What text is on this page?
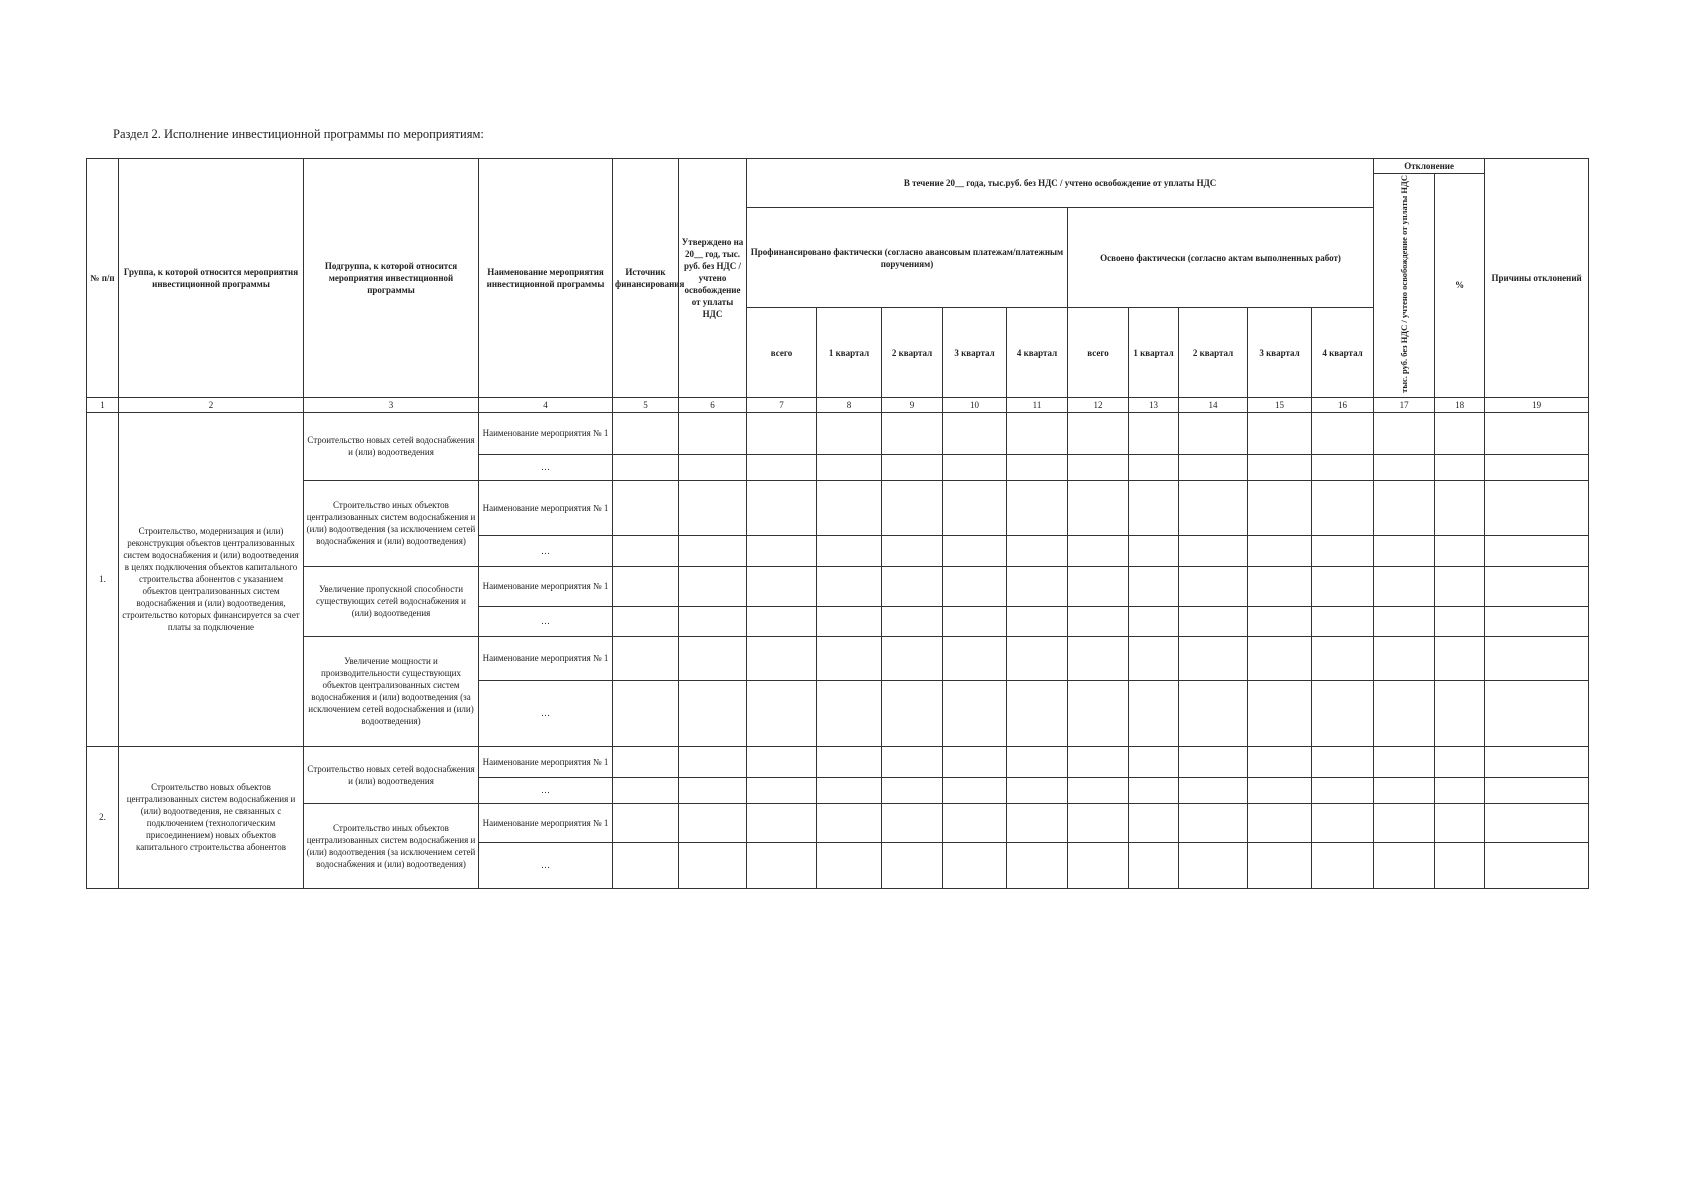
Раздел 2. Исполнение инвестиционной программы по мероприятиям:
№ п/п	Группа, к которой относится мероприятия инвестиционной программы	Подгруппа, к которой относится мероприятия инвестиционной программы	Наименование мероприятия инвестиционной программы	Источник финансирования	Утверждено на 20__ год, тыс. руб. без НДС / учтено освобождение от уплаты НДС	В течение 20__ года, тыс.руб. без НДС / учтено освобождение от уплаты НДС										Отклонение		Причины отклонений
																тыс. руб. без НДС / учтено освобождение от уплаты НДС	%	
						Профинансировано фактически (согласно авансовым платежам/платежным поручениям)					Освоено фактически (согласно актам выполненных работ)							
						всего	1 квартал	2 квартал	3 квартал	4 квартал	всего	1 квартал	2 квартал	3 квартал	4 квартал			
1	2	3	4	5	6	7	8	9	10	11	12	13	14	15	16	17	18	19
1.	Строительство, модернизация и (или) реконструкция объектов централизованных систем водоснабжения и (или) водоотведения в целях подключения объектов капитального строительства абонентов с указанием объектов централизованных систем водоснабжения и (или) водоотведения, строительство которых финансируется за счет платы за подключение	Строительство новых сетей водоснабжения и (или) водоотведения	Наименование мероприятия № 1															
			…															
		Строительство иных объектов централизованных систем водоснабжения и (или) водоотведения (за исключением сетей водоснабжения и (или) водоотведения)	Наименование мероприятия № 1															
			…															
		Увеличение пропускной способности существующих сетей водоснабжения и (или) водоотведения	Наименование мероприятия № 1															
			…															
		Увеличение мощности и производительности существующих объектов централизованных систем водоснабжения и (или) водоотведения (за исключением сетей водоснабжения и (или) водоотведения)	Наименование мероприятия № 1															
			…															
2.	Строительство новых объектов централизованных систем водоснабжения и (или) водоотведения, не связанных с подключением (технологическим присоединением) новых объектов капитального строительства абонентов	Строительство новых сетей водоснабжения и (или) водоотведения	Наименование мероприятия № 1															
			…															
		Строительство иных объектов централизованных систем водоснабжения и (или) водоотведения (за исключением сетей водоснабжения и (или) водоотведения)	Наименование мероприятия № 1															
			…															
